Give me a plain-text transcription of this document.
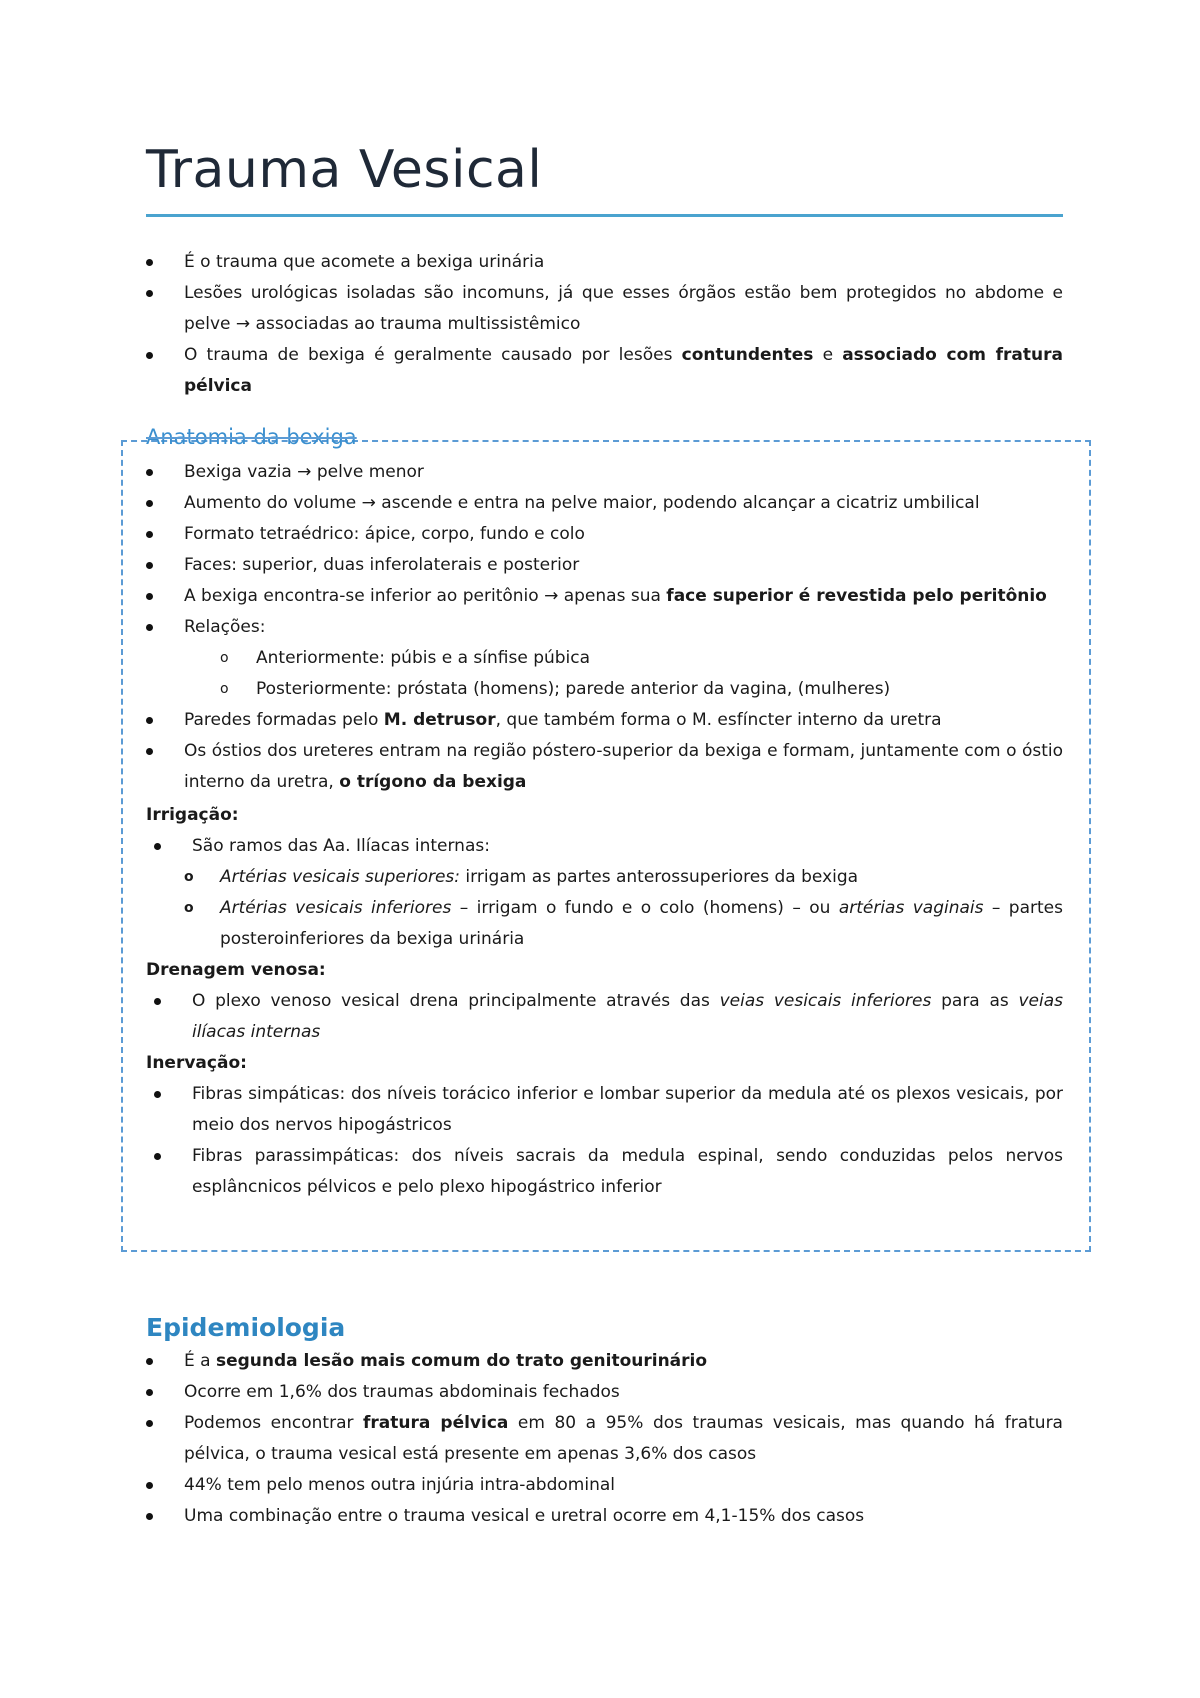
Trauma Vesical
É o trauma que acomete a bexiga urinária
Lesões urológicas isoladas são incomuns, já que esses órgãos estão bem protegidos no abdome e pelve → associadas ao trauma multissistêmico
O trauma de bexiga é geralmente causado por lesões contundentes e associado com fratura pélvica
Anatomia da bexiga
Bexiga vazia → pelve menor
Aumento do volume → ascende e entra na pelve maior, podendo alcançar a cicatriz umbilical
Formato tetraédrico: ápice, corpo, fundo e colo
Faces: superior, duas inferolaterais e posterior
A bexiga encontra-se inferior ao peritônio → apenas sua face superior é revestida pelo peritônio
Relações:
o Anteriormente: púbis e a sínfise púbica
o Posteriormente: próstata (homens); parede anterior da vagina, (mulheres)
Paredes formadas pelo M. detrusor, que também forma o M. esfíncter interno da uretra
Os óstios dos ureteres entram na região póstero-superior da bexiga e formam, juntamente com o óstio interno da uretra, o trígono da bexiga
Irrigação:
São ramos das Aa. Ilíacas internas:
o Artérias vesicais superiores: irrigam as partes anterossuperiores da bexiga
o Artérias vesicais inferiores – irrigam o fundo e o colo (homens) – ou artérias vaginais – partes posteroinferiores da bexiga urinária
Drenagem venosa:
O plexo venoso vesical drena principalmente através das veias vesicais inferiores para as veias ilíacas internas
Inervação:
Fibras simpáticas: dos níveis torácico inferior e lombar superior da medula até os plexos vesicais, por meio dos nervos hipogástricos
Fibras parassimpáticas: dos níveis sacrais da medula espinal, sendo conduzidas pelos nervos esplâncnicos pélvicos e pelo plexo hipogástrico inferior
Epidemiologia
É a segunda lesão mais comum do trato genitourinário
Ocorre em 1,6% dos traumas abdominais fechados
Podemos encontrar fratura pélvica em 80 a 95% dos traumas vesicais, mas quando há fratura pélvica, o trauma vesical está presente em apenas 3,6% dos casos
44% tem pelo menos outra injúria intra-abdominal
Uma combinação entre o trauma vesical e uretral ocorre em 4,1-15% dos casos
